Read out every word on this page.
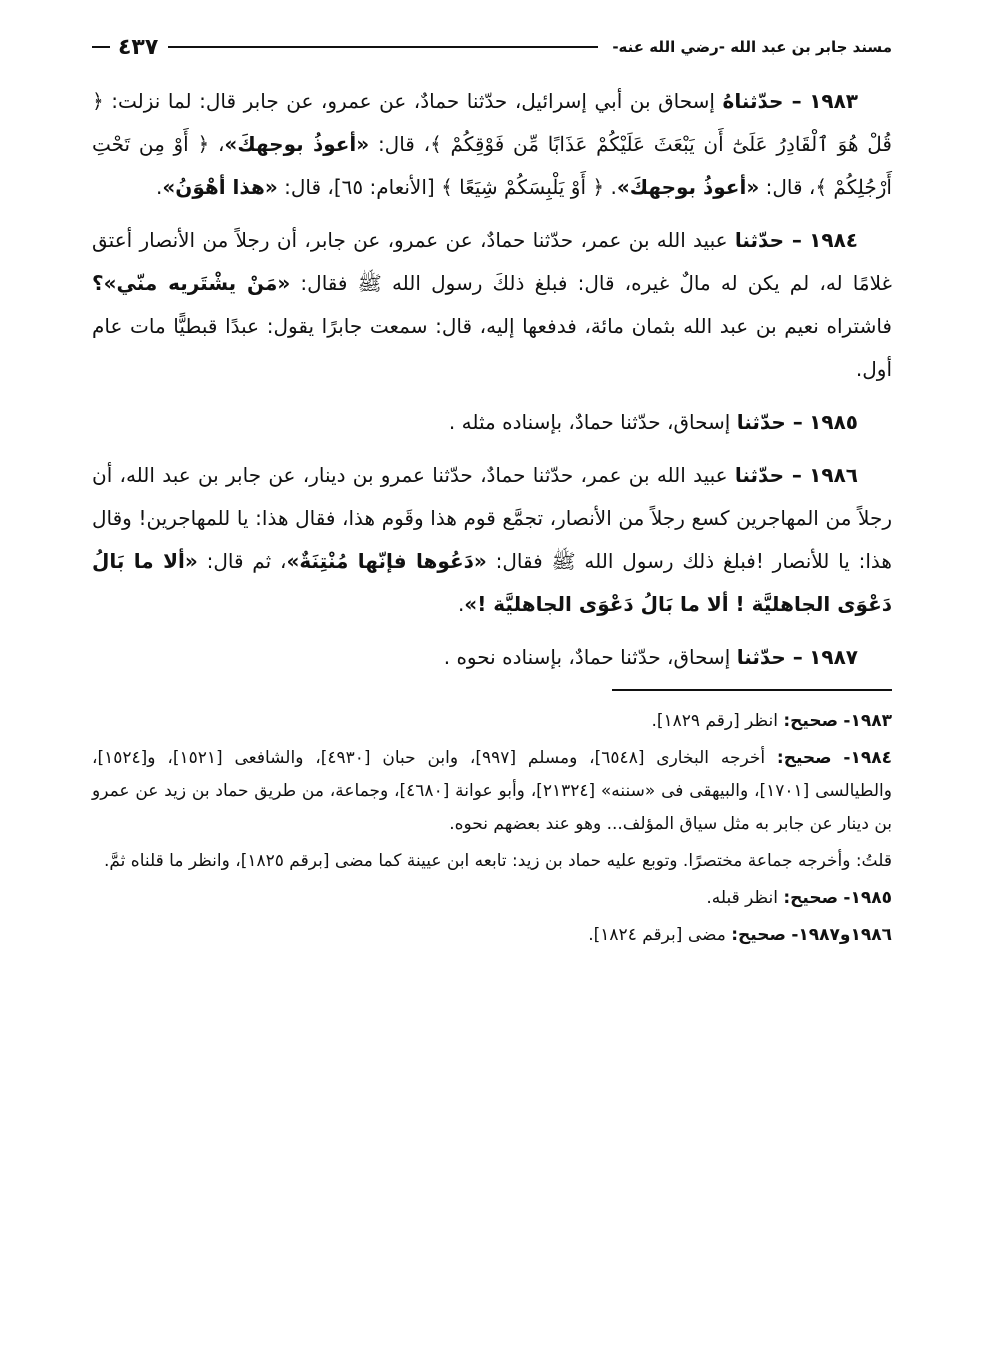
مسند جابر بن عبد الله -رضي الله عنه-
٤٣٧

١٩٨٣ – حدّثناهُ إسحاق بن أبي إسرائيل، حدّثنا حمادٌ، عن عمرو، عن جابر قال: لما نزلت: ﴿ قُلْ هُوَ ٱلْقَادِرُ عَلَىٰٓ أَن يَبْعَثَ عَلَيْكُمْ عَذَابًا مِّن فَوْقِكُمْ ﴾، قال: «أعوذُ بوجهكَ»، ﴿ أَوْ مِن تَحْتِ أَرْجُلِكُمْ ﴾، قال: «أعوذُ بوجهكَ». ﴿ أَوْ يَلْبِسَكُمْ شِيَعًا ﴾ [الأنعام: ٦٥]، قال: «هذا أهْوَنُ».

١٩٨٤ – حدّثنا عبيد الله بن عمر، حدّثنا حمادٌ، عن عمرو، عن جابر، أن رجلاً من الأنصار أعتق غلامًا له، لم يكن له مالٌ غيره، قال: فبلغ ذلكَ رسول الله ﷺ فقال: «مَنْ يشْتَريه منّي»؟ فاشتراه نعيم بن عبد الله بثمان مائة، فدفعها إليه، قال: سمعت جابرًا يقول: عبدًا قبطيًّا مات عام أول.

١٩٨٥ – حدّثنا إسحاق، حدّثنا حمادٌ، بإسناده مثله .

١٩٨٦ – حدّثنا عبيد الله بن عمر، حدّثنا حمادٌ، حدّثنا عمرو بن دينار، عن جابر بن عبد الله، أن رجلاً من المهاجرين كسع رجلاً من الأنصار، تجمَّع قوم هذا وقَوم هذا، فقال هذا: يا للمهاجرين! وقال هذا: يا للأنصار !فبلغ ذلك رسول الله ﷺ فقال: «دَعُوها فإنّها مُنْتِنَةٌ»، ثم قال: «ألا ما بَالُ دَعْوَى الجاهليَّة ! ألا ما بَالُ دَعْوَى الجاهليَّة !».

١٩٨٧ – حدّثنا إسحاق، حدّثنا حمادٌ، بإسناده نحوه .

١٩٨٣- صحيح: انظر [رقم ١٨٢٩].

١٩٨٤- صحيح: أخرجه البخارى [٦٥٤٨]، ومسلم [٩٩٧]، وابن حبان [٤٩٣٠]، والشافعى [١٥٢١]، و[١٥٢٤]، والطيالسى [١٧٠١]، والبيهقى فى «سننه» [٢١٣٢٤]، وأبو عوانة [٤٦٨٠]، وجماعة، من طريق حماد بن زيد عن عمرو بن دينار عن جابر به مثل سياق المؤلف... وهو عند بعضهم نحوه.

قلتُ: وأخرجه جماعة مختصرًا. وتوبع عليه حماد بن زيد: تابعه ابن عيينة كما مضى [برقم ١٨٢٥]، وانظر ما قلناه ثمَّ.

١٩٨٥- صحيح: انظر قبله.

١٩٨٦و١٩٨٧- صحيح: مضى [برقم ١٨٢٤].
